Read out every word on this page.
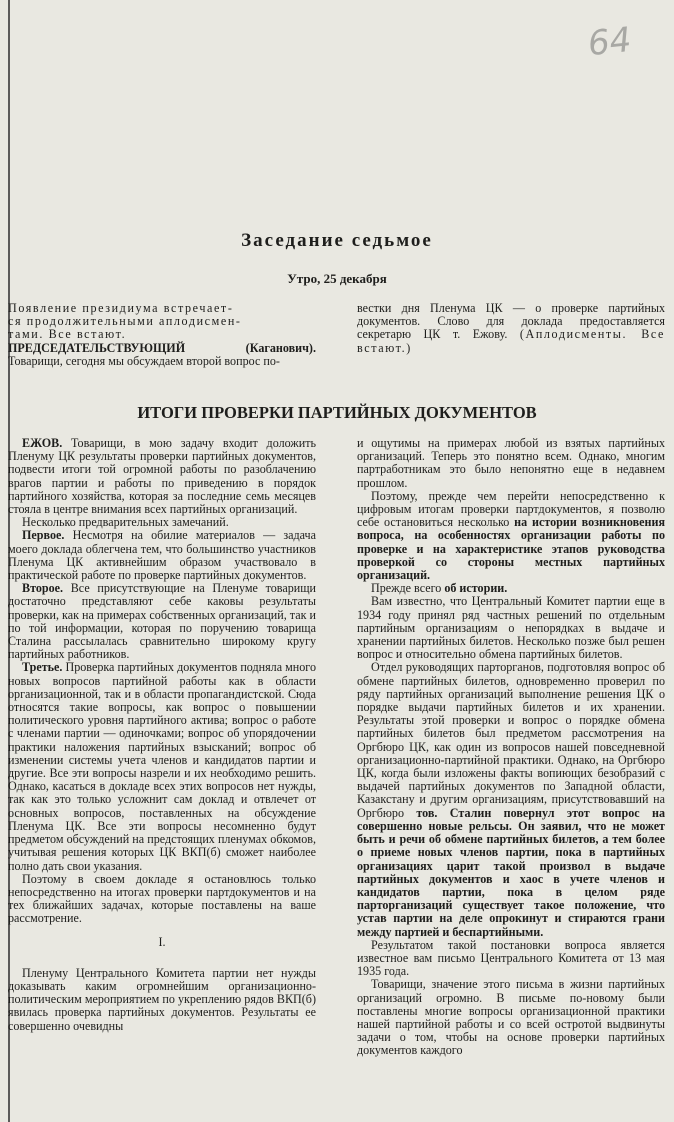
64
Заседание седьмое

Утро, 25 декабря

Появление президиума встречает-

ся продолжительными аплодисмен-

тами. Все встают.

ПРЕДСЕДАТЕЛЬСТВУЮЩИЙ (Каганович). Товарищи, сегодня мы обсуждаем второй вопрос по-

вестки дня Пленума ЦК — о проверке партийных документов. Слово для доклада предоставляется секретарю ЦК т. Ежову. (Аплодисменты. Все встают.)

ИТОГИ ПРОВЕРКИ ПАРТИЙНЫХ ДОКУМЕНТОВ

ЕЖОВ. Товарищи, в мою задачу входит доложить Пленуму ЦК результаты проверки партийных документов, подвести итоги той огромной работы по разоблачению врагов партии и работы по приведению в порядок партийного хозяйства, которая за последние семь месяцев стояла в центре внимания всех партийных организаций.

Несколько предварительных замечаний.

Первое. Несмотря на обилие материалов — задача моего доклада облегчена тем, что большинство участников Пленума ЦК активнейшим образом участвовало в практической работе по проверке партийных документов.

Второе. Все присутствующие на Пленуме товарищи достаточно представляют себе каковы результаты проверки, как на примерах собственных организаций, так и по той информации, которая по поручению товарища Сталина рассылалась сравнительно широкому кругу партийных работников.

Третье. Проверка партийных документов подняла много новых вопросов партийной работы как в области организационной, так и в области пропагандистской. Сюда относятся такие вопросы, как вопрос о повышении политического уровня партийного актива; вопрос о работе с членами партии — одиночками; вопрос об упорядочении практики наложения партийных взысканий; вопрос об изменении системы учета членов и кандидатов партии и другие. Все эти вопросы назрели и их необходимо решить. Однако, касаться в докладе всех этих вопросов нет нужды, так как это только усложнит сам доклад и отвлечет от основных вопросов, поставленных на обсуждение Пленума ЦК. Все эти вопросы несомненно будут предметом обсуждений на предстоящих пленумах обкомов, учитывая решения которых ЦК ВКП(б) сможет наиболее полно дать свои указания.

Поэтому в своем докладе я остановлюсь только непосредственно на итогах проверки партдокументов и на тех ближайших задачах, которые поставлены на ваше рассмотрение.

I.

Пленуму Центрального Комитета партии нет нужды доказывать каким огромнейшим организационно-политическим мероприятием по укреплению рядов ВКП(б) явилась проверка партийных документов. Результаты ее совершенно очевидны

и ощутимы на примерах любой из взятых партийных организаций. Теперь это понятно всем. Однако, многим партработникам это было непонятно еще в недавнем прошлом.

Поэтому, прежде чем перейти непосредственно к цифровым итогам проверки партдокументов, я позволю себе остановиться несколько на истории возникновения вопроса, на особенностях организации работы по проверке и на характеристике этапов руководства проверкой со стороны местных партийных организаций.

Прежде всего об истории.

Вам известно, что Центральный Комитет партии еще в 1934 году принял ряд частных решений по отдельным партийным организациям о непорядках в выдаче и хранении партийных билетов. Несколько позже был решен вопрос и относительно обмена партийных билетов.

Отдел руководящих парторганов, подготовляя вопрос об обмене партийных билетов, одновременно проверил по ряду партийных организаций выполнение решения ЦК о порядке выдачи партийных билетов и их хранении. Результаты этой проверки и вопрос о порядке обмена партийных билетов был предметом рассмотрения на Оргбюро ЦК, как один из вопросов нашей повседневной организационно-партийной практики. Однако, на Оргбюро ЦК, когда были изложены факты вопиющих безобразий с выдачей партийных документов по Западной области, Казакстану и другим организациям, присутствовавший на Оргбюро тов. Сталин повернул этот вопрос на совершенно новые рельсы. Он заявил, что не может быть и речи об обмене партийных билетов, а тем более о приеме новых членов партии, пока в партийных организациях царит такой произвол в выдаче партийных документов и хаос в учете членов и кандидатов партии, пока в целом ряде парторганизаций существует такое положение, что устав партии на деле опрокинут и стираются грани между партией и беспартийными.

Результатом такой постановки вопроса является известное вам письмо Центрального Комитета от 13 мая 1935 года.

Товарищи, значение этого письма в жизни партийных организаций огромно. В письме по-новому были поставлены многие вопросы организационной практики нашей партийной работы и со всей остротой выдвинуты задачи о том, чтобы на основе проверки партийных документов каждого
